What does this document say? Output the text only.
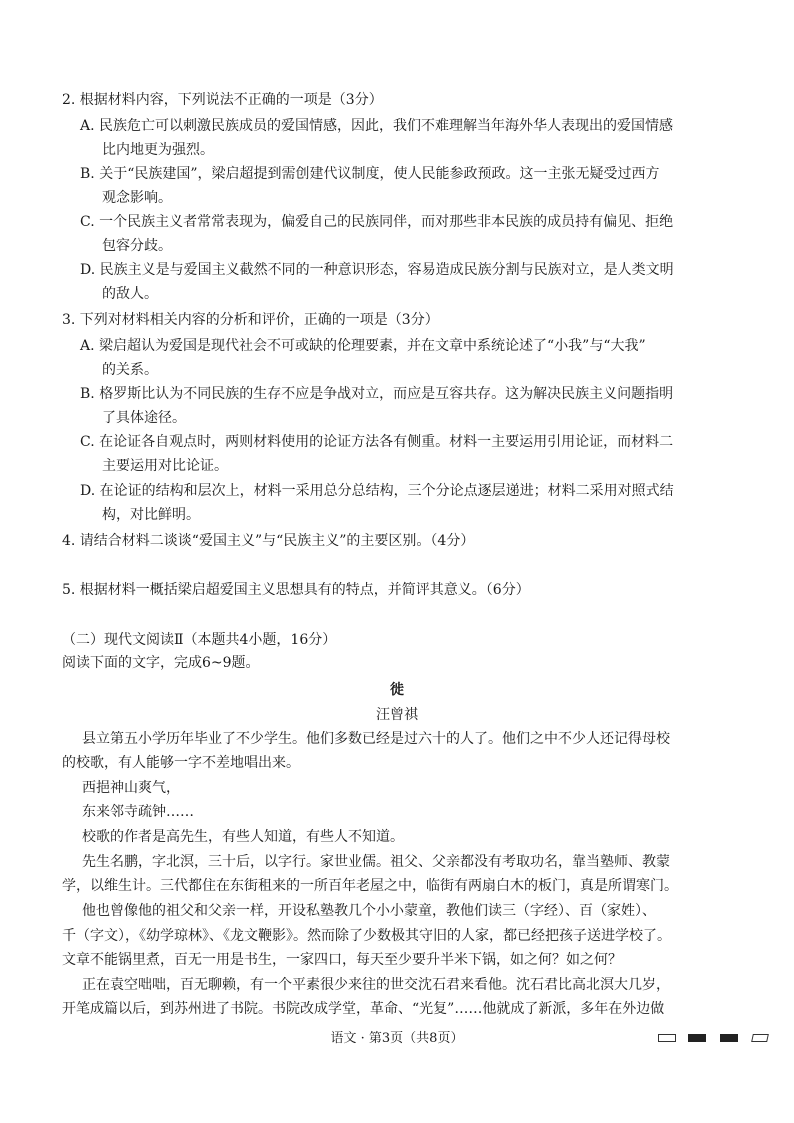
2. 根据材料内容，下列说法不正确的一项是（3分）
A. 民族危亡可以刺激民族成员的爱国情感，因此，我们不难理解当年海外华人表现出的爱国情感
比内地更为强烈。
B. 关于“民族建国”，梁启超提到需创建代议制度，使人民能参政预政。这一主张无疑受过西方
观念影响。
C. 一个民族主义者常常表现为，偏爱自己的民族同伴，而对那些非本民族的成员持有偏见、拒绝
包容分歧。
D. 民族主义是与爱国主义截然不同的一种意识形态，容易造成民族分割与民族对立，是人类文明
的敌人。
3. 下列对材料相关内容的分析和评价，正确的一项是（3分）
A. 梁启超认为爱国是现代社会不可或缺的伦理要素，并在文章中系统论述了“小我”与“大我”
的关系。
B. 格罗斯比认为不同民族的生存不应是争战对立，而应是互容共存。这为解决民族主义问题指明
了具体途径。
C. 在论证各自观点时，两则材料使用的论证方法各有侧重。材料一主要运用引用论证，而材料二
主要运用对比论证。
D. 在论证的结构和层次上，材料一采用总分总结构，三个分论点逐层递进；材料二采用对照式结
构，对比鲜明。
4. 请结合材料二谈谈“爱国主义”与“民族主义”的主要区别。（4分）
5. 根据材料一概括梁启超爱国主义思想具有的特点，并简评其意义。（6分）
（二）现代文阅读Ⅱ（本题共4小题，16分）
阅读下面的文字，完成6~9题。
徙
汪曾祺
县立第五小学历年毕业了不少学生。他们多数已经是过六十的人了。他们之中不少人还记得母校
的校歌，有人能够一字不差地唱出来。
西挹神山爽气，
东来邻寺疏钟……
校歌的作者是高先生，有些人知道，有些人不知道。
先生名鹏，字北溟，三十后，以字行。家世业儒。祖父、父亲都没有考取功名，靠当塾师、教蒙
学，以维生计。三代都住在东街租来的一所百年老屋之中，临街有两扇白木的板门，真是所谓寒门。
他也曾像他的祖父和父亲一样，开设私塾教几个小小蒙童，教他们读三（字经）、百（家姓）、
千（字文），《幼学琼林》、《龙文鞭影》。然而除了少数极其守旧的人家，都已经把孩子送进学校了。
文章不能锅里煮，百无一用是书生，一家四口，每天至少要升半米下锅，如之何？如之何？
正在袁空咄咄，百无聊赖，有一个平素很少来往的世交沈石君来看他。沈石君比高北溟大几岁，
开笔成篇以后，到苏州进了书院。书院改成学堂，革命、“光复”……他就成了新派，多年在外边做
语文 · 第3页（共8页）
